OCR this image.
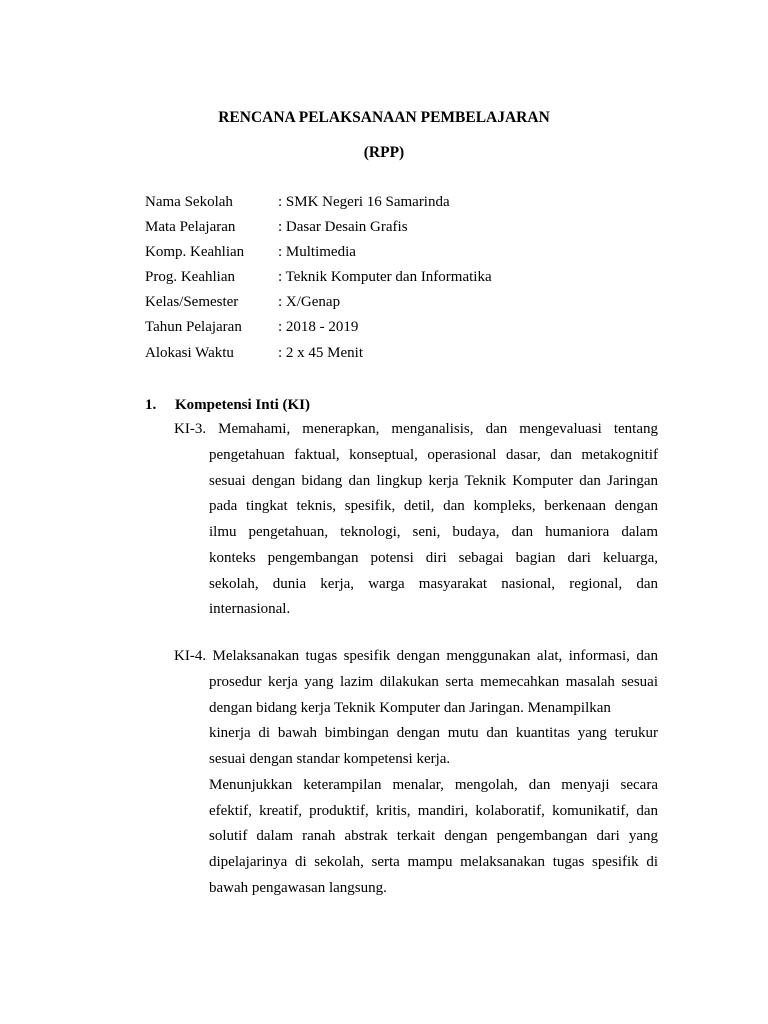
RENCANA PELAKSANAAN PEMBELAJARAN
(RPP)
Nama Sekolah	: SMK Negeri 16 Samarinda
Mata Pelajaran	: Dasar Desain Grafis
Komp. Keahlian	: Multimedia
Prog. Keahlian	: Teknik Komputer dan Informatika
Kelas/Semester	: X/Genap
Tahun Pelajaran	: 2018 - 2019
Alokasi Waktu	: 2 x 45 Menit
1. Kompetensi Inti (KI)
KI-3. Memahami, menerapkan, menganalisis, dan mengevaluasi tentang
pengetahuan faktual, konseptual, operasional dasar, dan metakognitif
sesuai dengan bidang dan lingkup kerja Teknik Komputer dan Jaringan
pada tingkat teknis, spesifik, detil, dan kompleks, berkenaan dengan
ilmu pengetahuan, teknologi, seni, budaya, dan humaniora dalam
konteks pengembangan potensi diri sebagai bagian dari keluarga,
sekolah, dunia kerja, warga masyarakat nasional, regional, dan
internasional.
KI-4. Melaksanakan tugas spesifik dengan menggunakan alat, informasi, dan
prosedur kerja yang lazim dilakukan serta memecahkan masalah sesuai
dengan bidang kerja Teknik Komputer dan Jaringan. Menampilkan
kinerja di bawah bimbingan dengan mutu dan kuantitas yang terukur
sesuai dengan standar kompetensi kerja.
Menunjukkan keterampilan menalar, mengolah, dan menyaji secara
efektif, kreatif, produktif, kritis, mandiri, kolaboratif, komunikatif, dan
solutif dalam ranah abstrak terkait dengan pengembangan dari yang
dipelajarinya di sekolah, serta mampu melaksanakan tugas spesifik di
bawah pengawasan langsung.
